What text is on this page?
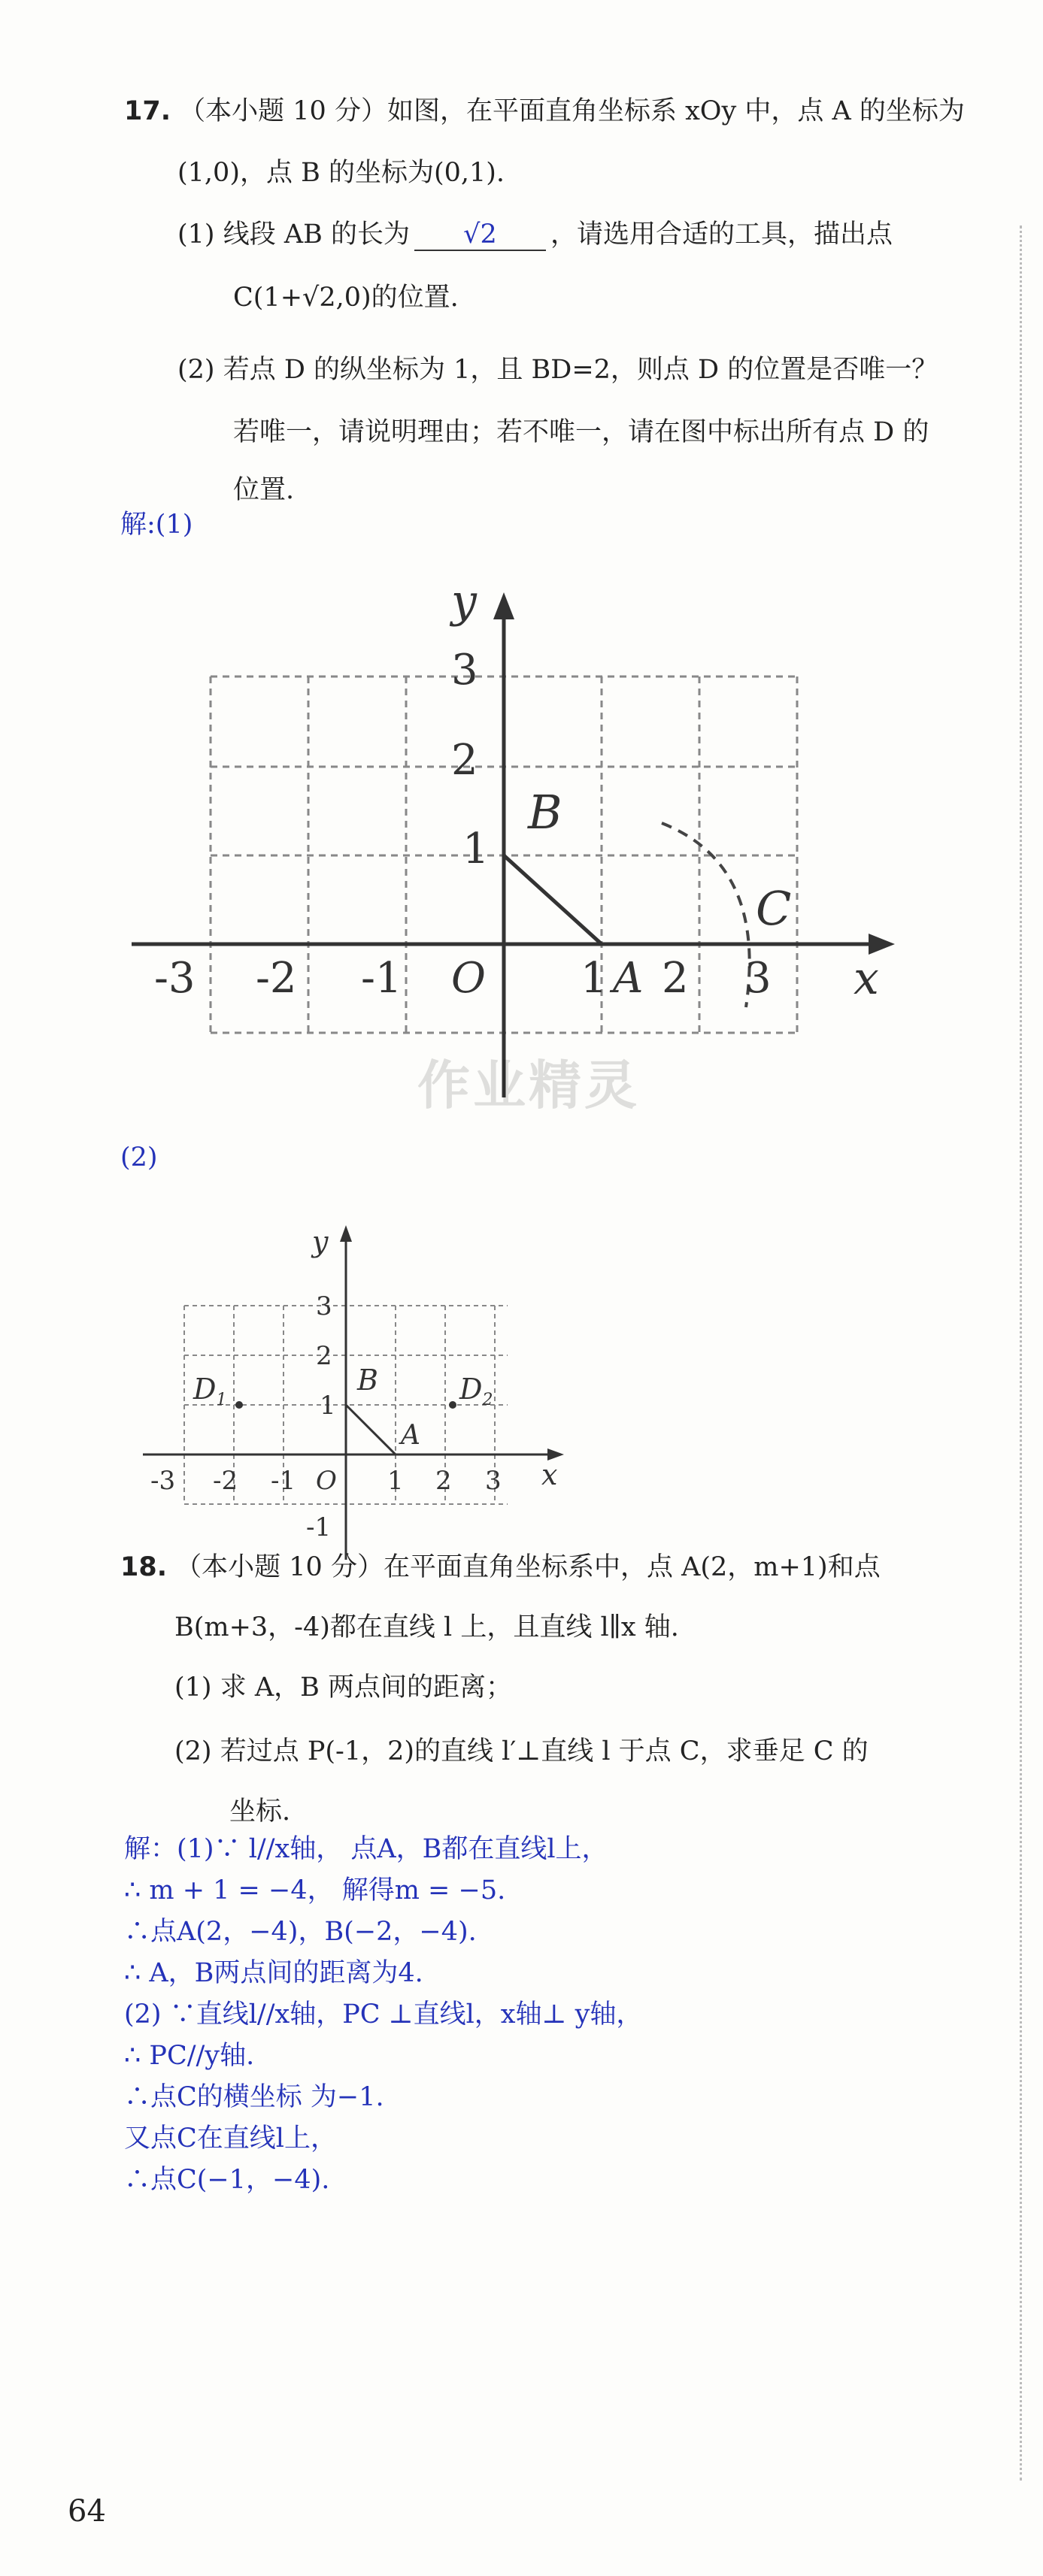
17. （本小题 10 分）如图，在平面直角坐标系 xOy 中，点 A 的坐标为
(1,0)，点 B 的坐标为(0,1).
(1) 线段 AB 的长为 √2 ，请选用合适的工具，描出点
C(1+√2,0)的位置.
(2) 若点 D 的纵坐标为 1，且 BD=2，则点 D 的位置是否唯一？
若唯一，请说明理由；若不唯一，请在图中标出所有点 D 的
位置.
解:(1)
y
x
3
2
1
-3 -2 -1 O 1 2 3
B
A
C
作业精灵
(2)
y
x
3
2
1
-1
-3 -2 -1 O 1 2 3
B
A
$D_1$	$D_2$
18. （本小题 10 分）在平面直角坐标系中，点 A(2，m+1)和点
B(m+3，-4)都在直线 l 上，且直线 l∥x 轴.
(1) 求 A，B 两点间的距离；
(2) 若过点 P(-1，2)的直线 l′⊥直线 l 于点 C，求垂足 C 的
坐标.
解：(1)∵ l//x轴， 点A，B都在直线l上，
∴ m + 1 = −4， 解得m = −5.
∴点A(2，−4)，B(−2，−4).
∴ A，B两点间的距离为4.
(2) ∵直线l//x轴，PC ⊥直线l，x轴⊥ y轴，
∴ PC//y轴.
∴点C的横坐标 为−1.
又点C在直线l上，
∴点C(−1，−4).
64
